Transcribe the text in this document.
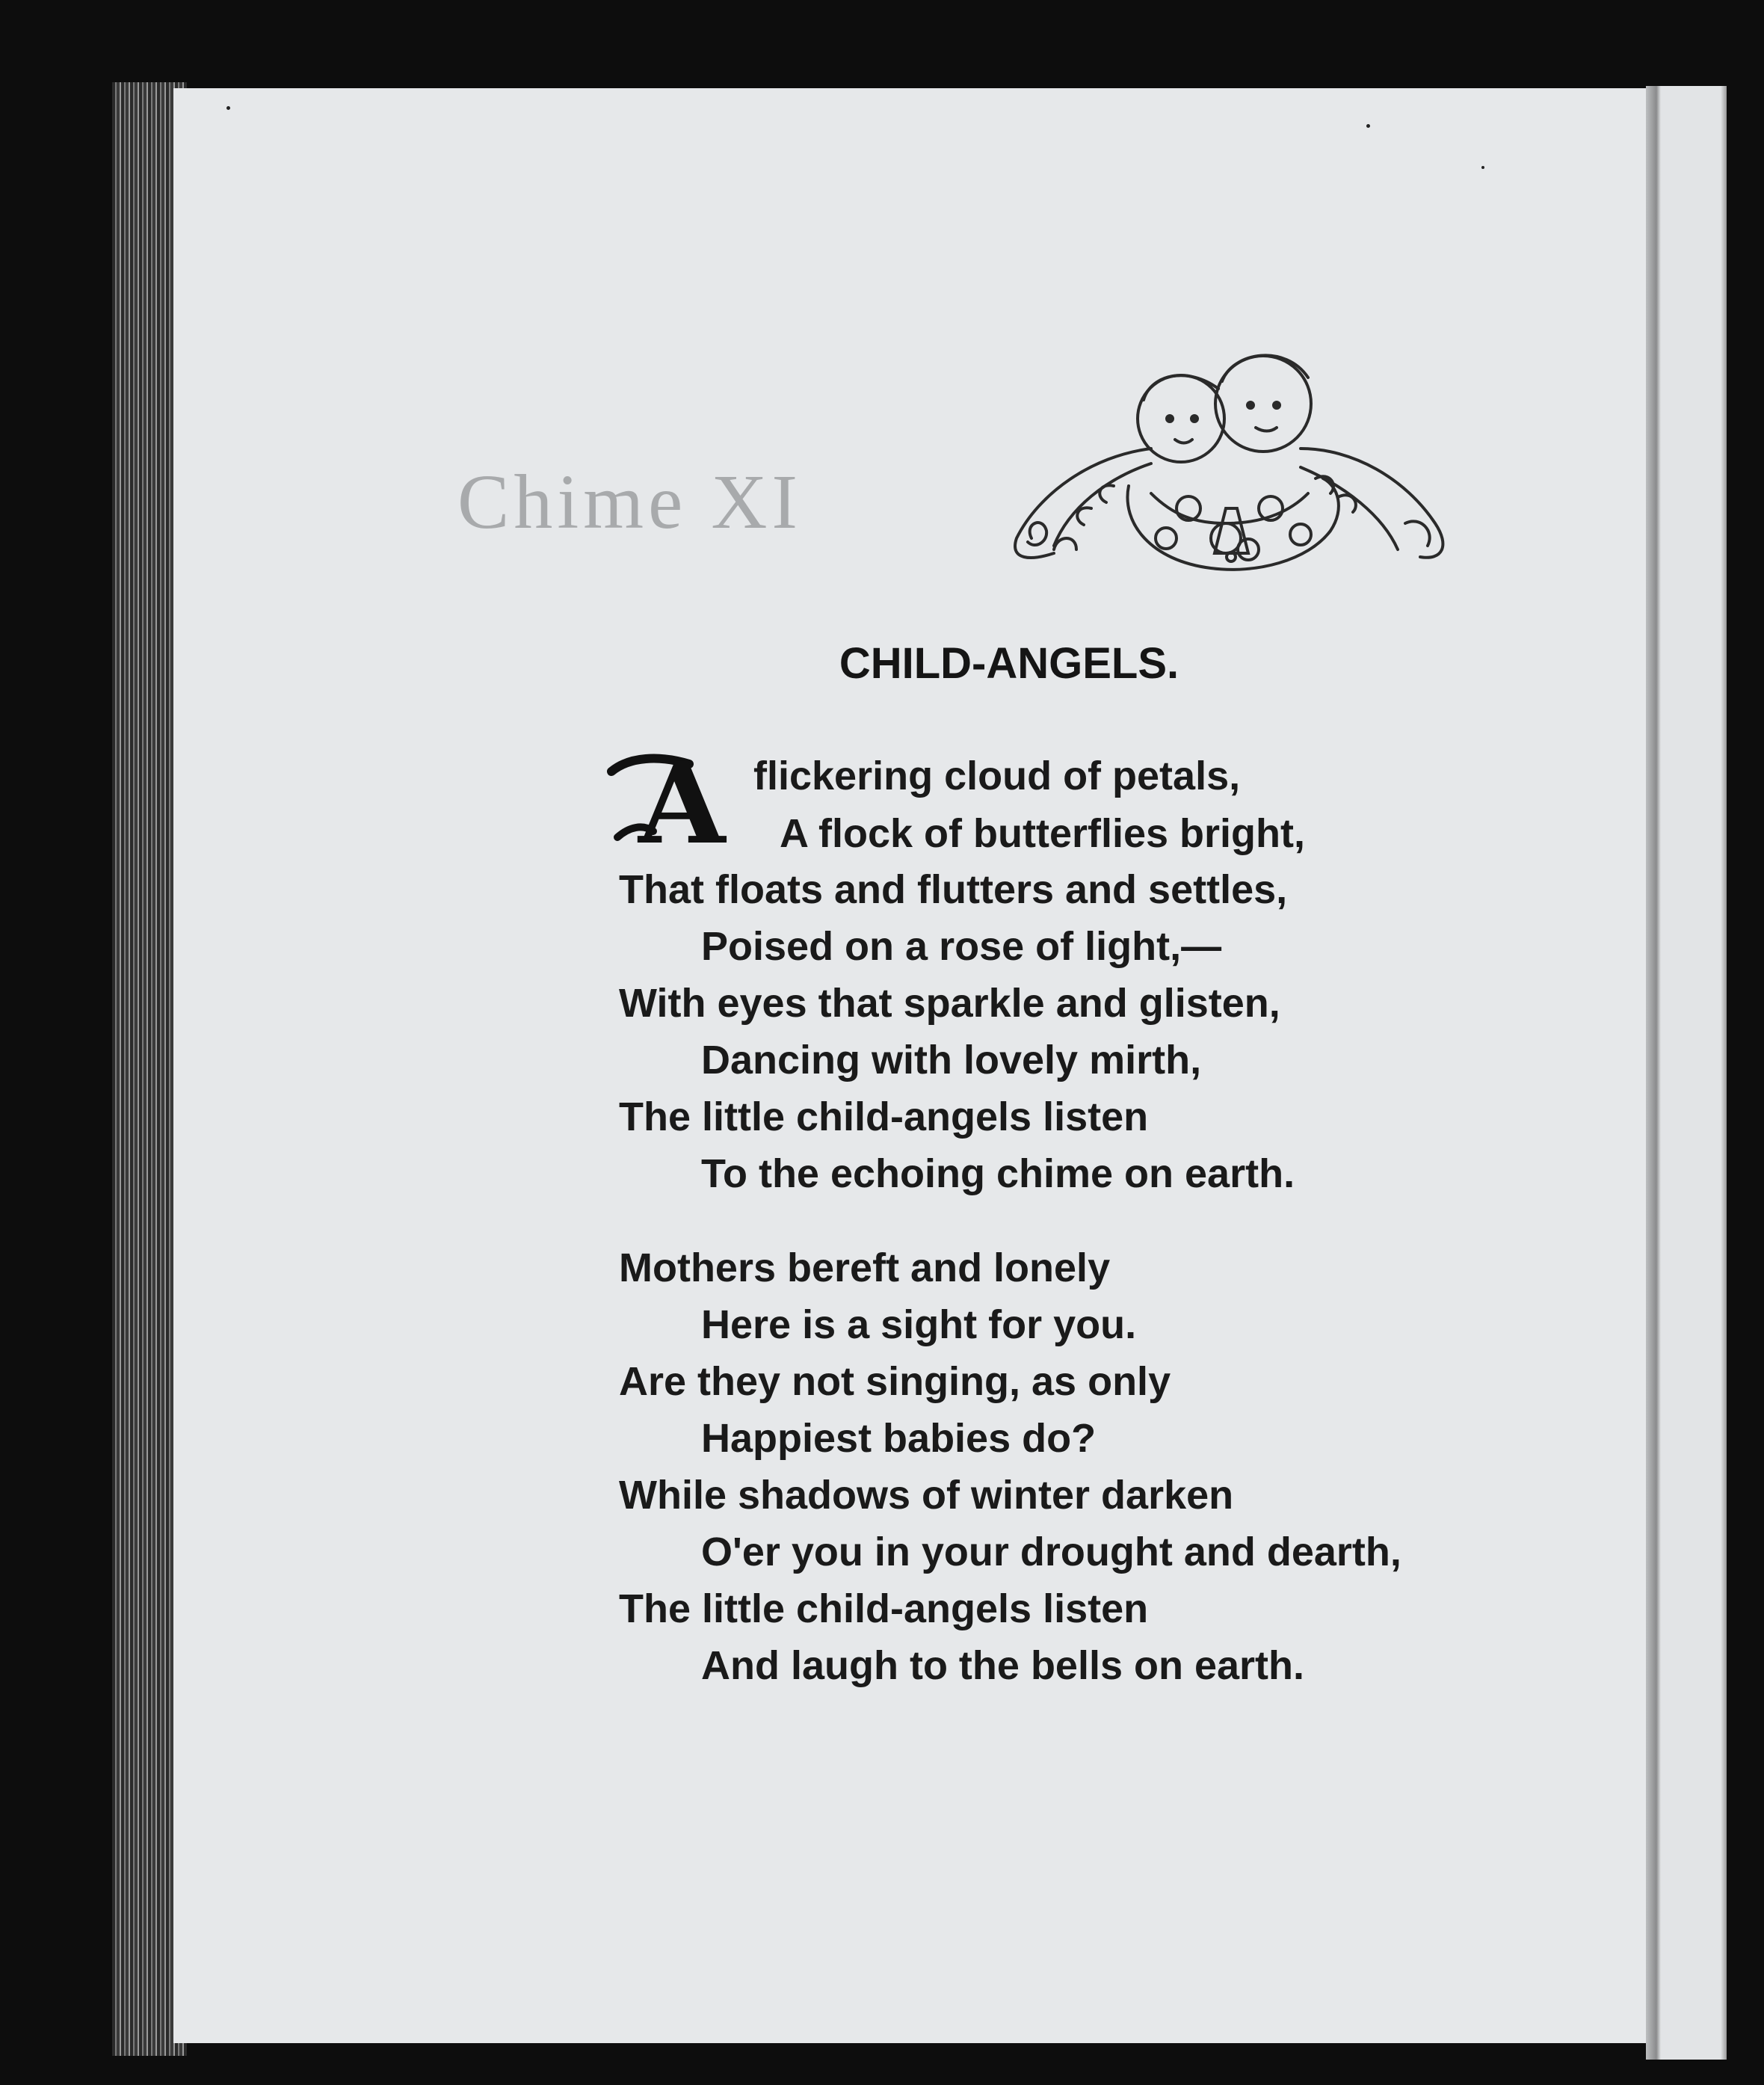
Chime XI
CHILD-ANGELS.
A flickering cloud of petals,
A flock of butterflies bright,
That floats and flutters and settles,
Poised on a rose of light,—
With eyes that sparkle and glisten,
Dancing with lovely mirth,
The little child-angels listen
To the echoing chime on earth.
Mothers bereft and lonely
Here is a sight for you.
Are they not singing, as only
Happiest babies do?
While shadows of winter darken
O'er you in your drought and dearth,
The little child-angels listen
And laugh to the bells on earth.
